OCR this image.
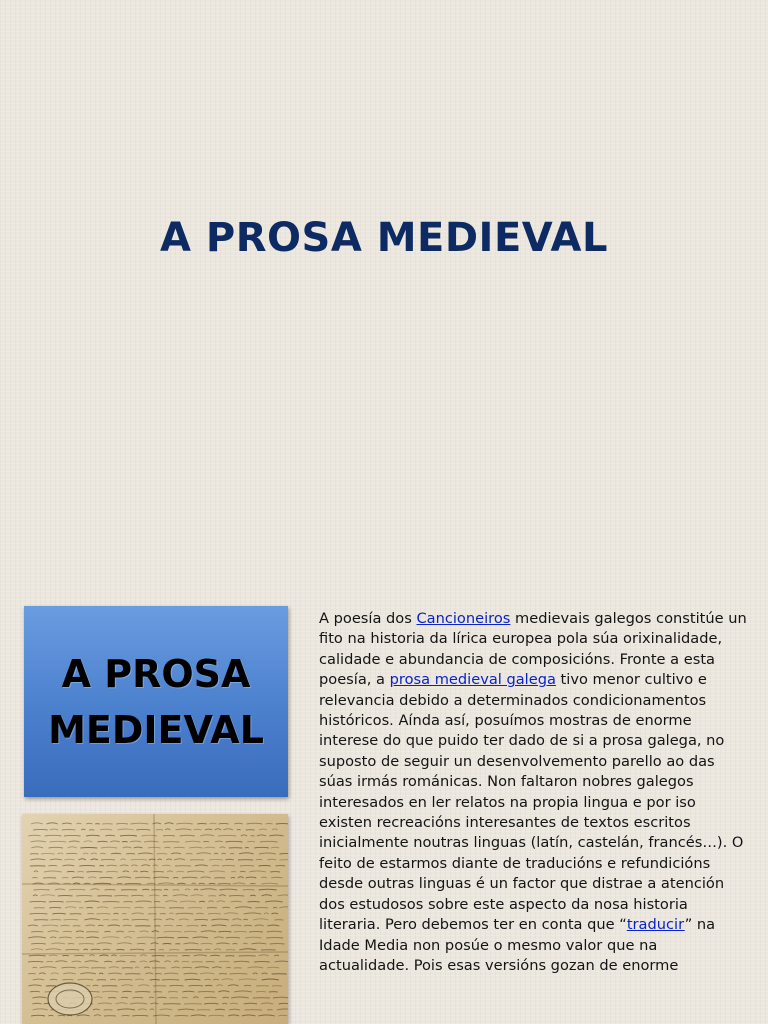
A PROSA MEDIEVAL
A PROSA
MEDIEVAL

A poesía dos Cancioneiros medievais galegos constitúe un fito na historia da lírica europea pola súa orixinalidade, calidade e abundancia de composicións. Fronte a esta poesía, a prosa medieval galega tivo menor cultivo e relevancia debido a determinados condicionamentos históricos. Aínda así, posuímos mostras de enorme interese do que puido ter dado de si a prosa galega, no suposto de seguir un desenvolvemento parello ao das súas irmás románicas. Non faltaron nobres galegos interesados en ler relatos na propia lingua e por iso existen recreacións interesantes de textos escritos inicialmente noutras linguas (latín, castelán, francés…). O feito de estarmos diante de traducións e refundicións desde outras linguas é un factor que distrae a atención dos estudosos sobre este aspecto da nosa historia literaria. Pero debemos ter en conta que “traducir” na Idade Media non posúe o mesmo valor que na actualidade. Pois esas versións gozan de enorme
